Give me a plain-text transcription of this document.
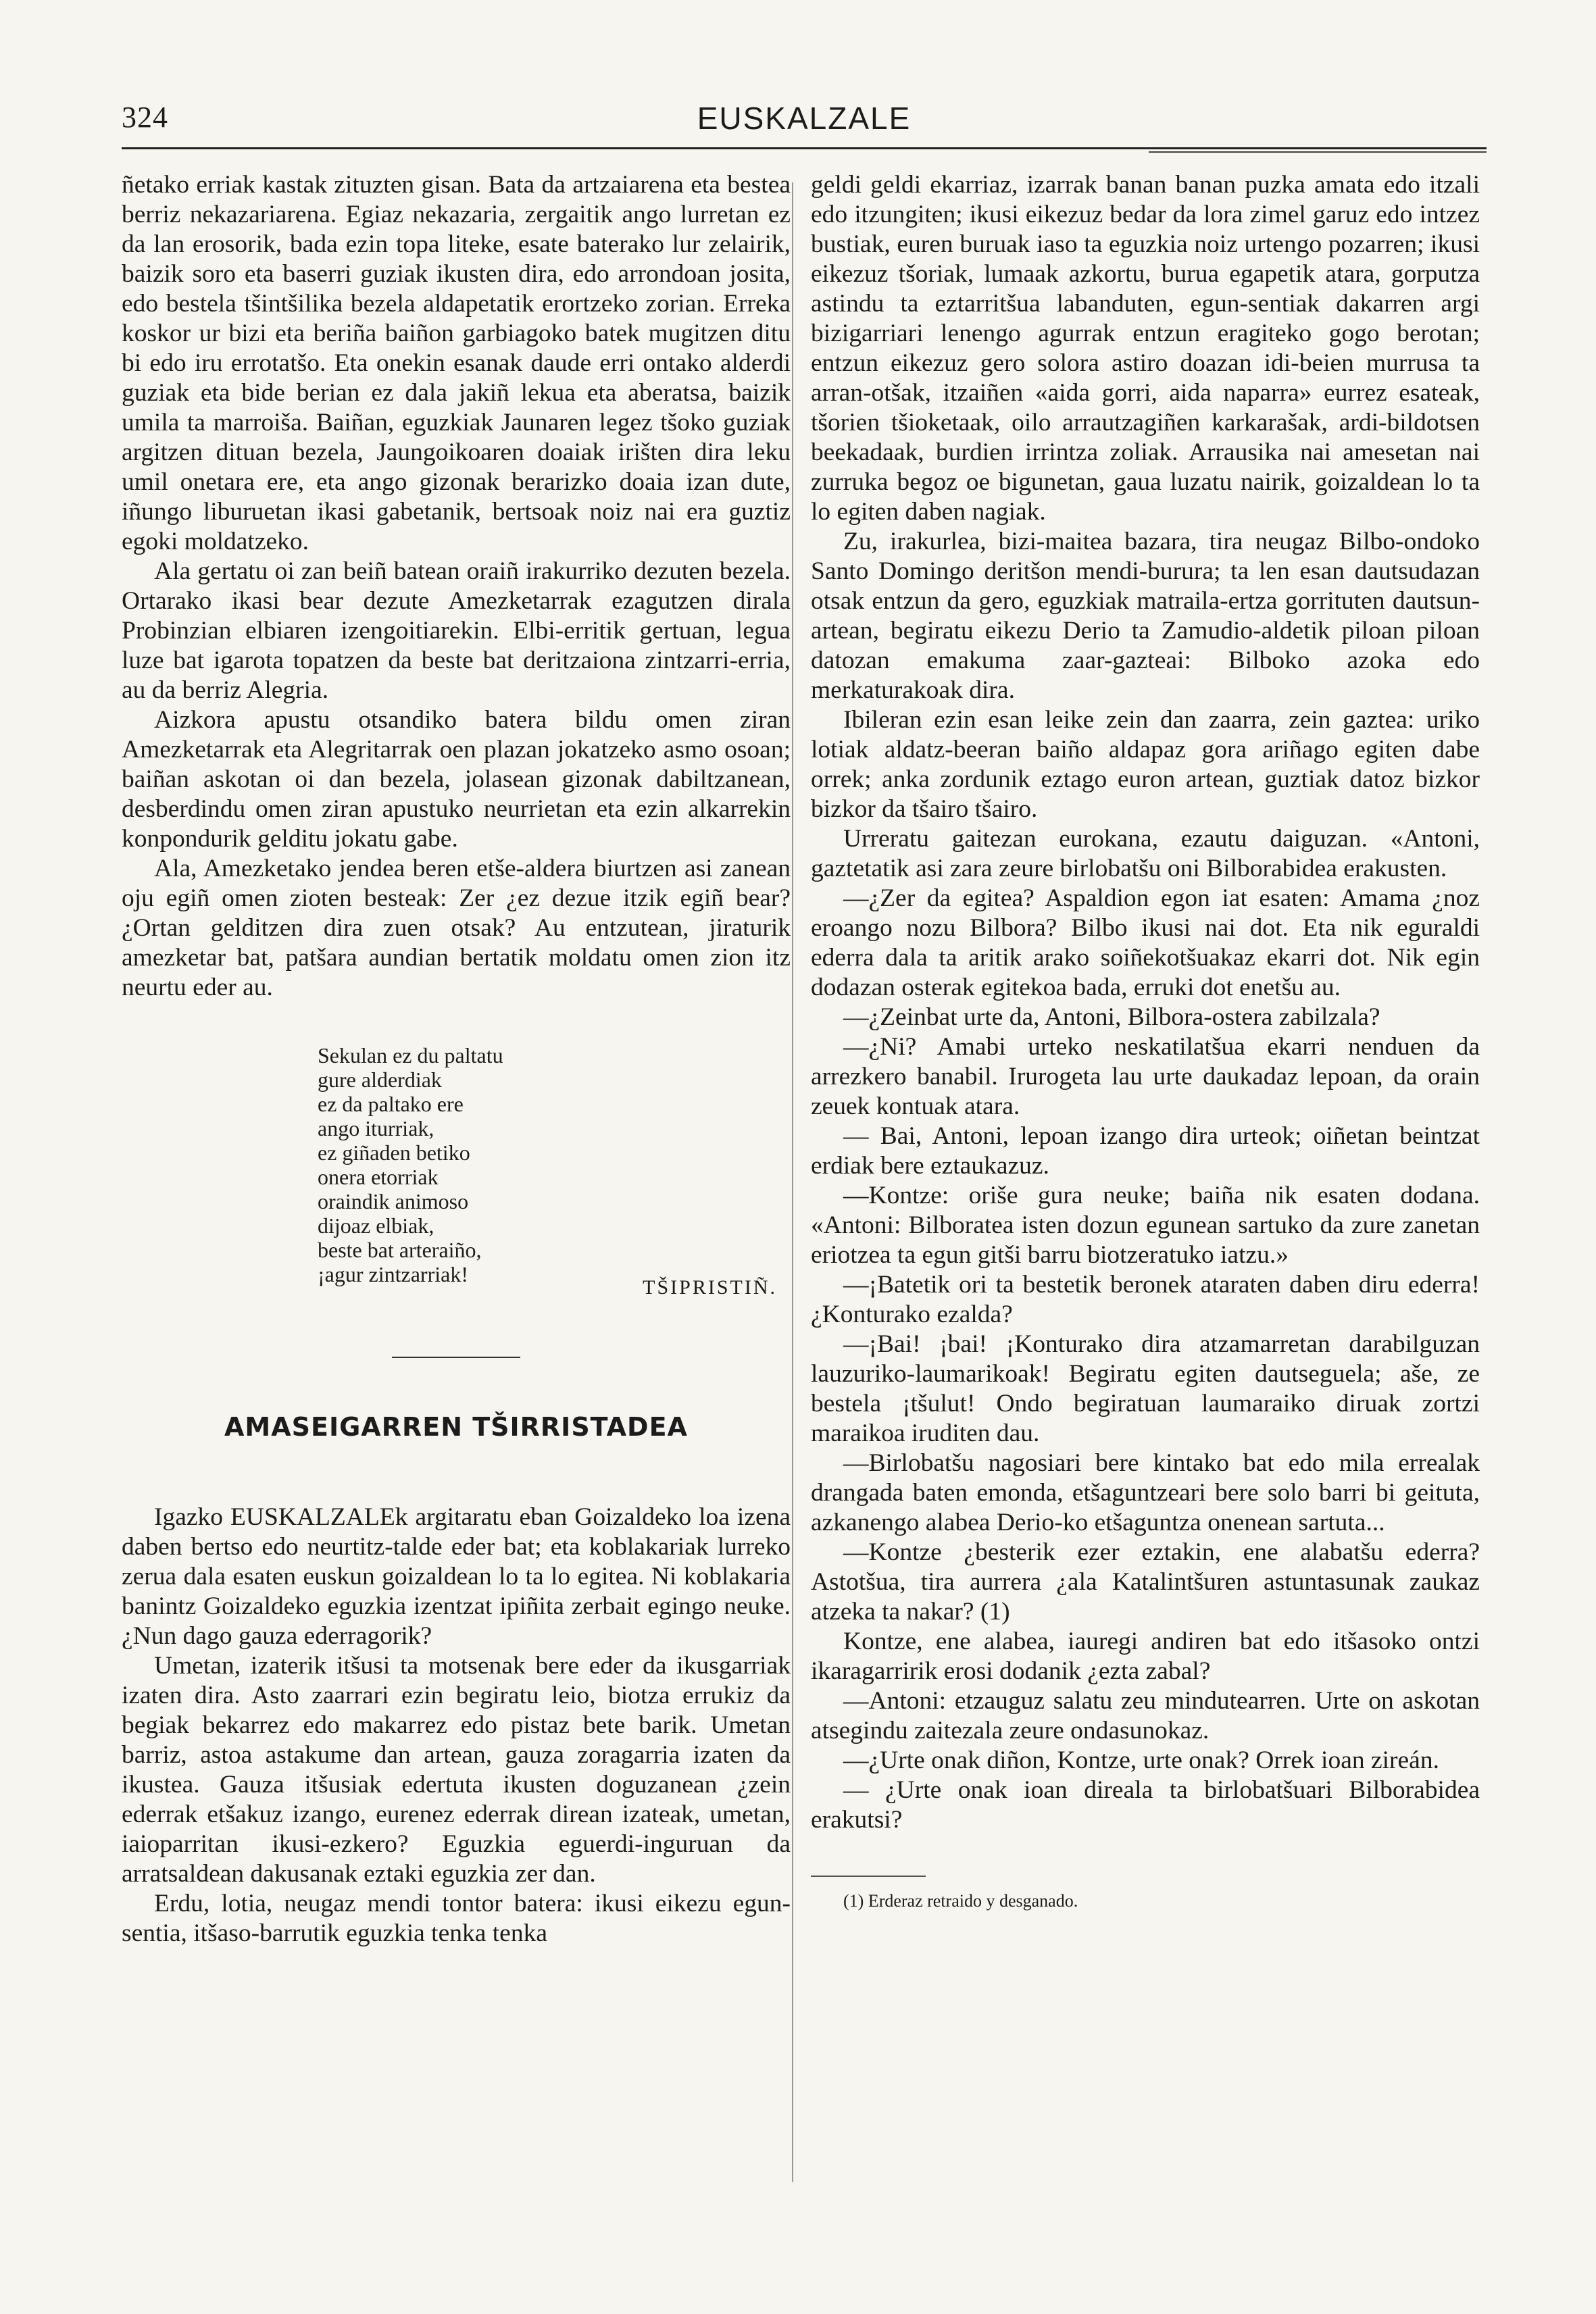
324	EUSKALZALE

ñetako erriak kastak zituzten gisan. Bata da artzaiarena eta bestea berriz nekazariarena. Egiaz nekazaria, zergaitik ango lurretan ez da lan erosorik, bada ezin topa liteke, esate baterako lur zelairik, baizik soro eta baserri guziak ikusten dira, edo arrondoan josita, edo bestela tšintšilika bezela aldapetatik erortzeko zorian. Erreka koskor ur bizi eta beriña baiñon garbiagoko batek mugitzen ditu bi edo iru errotatšo. Eta onekin esanak daude erri ontako alderdi guziak eta bide berian ez dala jakiñ lekua eta aberatsa, baizik umila ta marroiša. Baiñan, eguzkiak Jaunaren legez tšoko guziak argitzen dituan bezela, Jaungoikoaren doaiak irišten dira leku umil onetara ere, eta ango gizonak berarizko doaia izan dute, iñungo liburuetan ikasi gabetanik, bertsoak noiz nai era guztiz egoki moldatzeko.

Ala gertatu oi zan beiñ batean oraiñ irakurriko dezuten bezela. Ortarako ikasi bear dezute Amezketarrak ezagutzen dirala Probinzian elbiaren izengoitiarekin. Elbi-erritik gertuan, legua luze bat igarota topatzen da beste bat deritzaiona zintzarri-erria, au da berriz Alegria.

Aizkora apustu otsandiko batera bildu omen ziran Amezketarrak eta Alegritarrak oen plazan jokatzeko asmo osoan; baiñan askotan oi dan bezela, jolasean gizonak dabiltzanean, desberdindu omen ziran apustuko neurrietan eta ezin alkarrekin konpondurik gelditu jokatu gabe.

Ala, Amezketako jendea beren etše-aldera biurtzen asi zanean oju egiñ omen zioten besteak: Zer ¿ez dezue itzik egiñ bear? ¿Ortan gelditzen dira zuen otsak? Au entzutean, jiraturik amezketar bat, patšara aundian bertatik moldatu omen zion itz neurtu eder au.

Sekulan ez du paltatu
gure alderdiak
ez da paltako ere
ango iturriak,
ez giñaden betiko
onera etorriak
oraindik animoso
dijoaz elbiak,
beste bat arteraiño,
¡agur zintzarriak!
TŠIPRISTIÑ.
AMASEIGARREN TŠIRRISTADEA

Igazko EUSKALZALEk argitaratu eban Goizaldeko loa izena daben bertso edo neurtitz-talde eder bat; eta koblakariak lurreko zerua dala esaten euskun goizaldean lo ta lo egitea. Ni koblakaria banintz Goizaldeko eguzkia izentzat ipiñita zerbait egingo neuke. ¿Nun dago gauza ederragorik?

Umetan, izaterik itšusi ta motsenak bere eder da ikusgarriak izaten dira. Asto zaarrari ezin begiratu leio, biotza errukiz da begiak bekarrez edo makarrez edo pistaz bete barik. Umetan barriz, astoa astakume dan artean, gauza zoragarria izaten da ikustea. Gauza itšusiak edertuta ikusten doguzanean ¿zein ederrak etšakuz izango, eurenez ederrak direan izateak, umetan, iaioparritan ikusi-ezkero? Eguzkia eguerdi-inguruan da arratsaldean dakusanak eztaki eguzkia zer dan.

Erdu, lotia, neugaz mendi tontor batera: ikusi eikezu egun-sentia, itšaso-barrutik eguzkia tenka tenka

geldi geldi ekarriaz, izarrak banan banan puzka amata edo itzali edo itzungiten; ikusi eikezuz bedar da lora zimel garuz edo intzez bustiak, euren buruak iaso ta eguzkia noiz urtengo pozarren; ikusi eikezuz tšoriak, lumaak azkortu, burua egapetik atara, gorputza astindu ta eztarritšua labanduten, egun-sentiak dakarren argi bizigarriari lenengo agurrak entzun eragiteko gogo berotan; entzun eikezuz gero solora astiro doazan idi-beien murrusa ta arran-otšak, itzaiñen «aida gorri, aida naparra» eurrez esateak, tšorien tšioketaak, oilo arrautzagiñen karkarašak, ardi-bildotsen beekadaak, burdien irrintza zoliak. Arrausika nai amesetan nai zurruka begoz oe bigunetan, gaua luzatu nairik, goizaldean lo ta lo egiten daben nagiak.

Zu, irakurlea, bizi-maitea bazara, tira neugaz Bilbo-ondoko Santo Domingo deritšon mendi-burura; ta len esan dautsudazan otsak entzun da gero, eguzkiak matraila-ertza gorrituten dautsun-artean, begiratu eikezu Derio ta Zamudio-aldetik piloan piloan datozan emakuma zaar-gazteai: Bilboko azoka edo merkaturakoak dira.

Ibileran ezin esan leike zein dan zaarra, zein gaztea: uriko lotiak aldatz-beeran baiño aldapaz gora ariñago egiten dabe orrek; anka zordunik eztago euron artean, guztiak datoz bizkor bizkor da tšairo tšairo.

Urreratu gaitezan eurokana, ezautu daiguzan. «Antoni, gaztetatik asi zara zeure birlobatšu oni Bilborabidea erakusten.

—¿Zer da egitea? Aspaldion egon iat esaten: Amama ¿noz eroango nozu Bilbora? Bilbo ikusi nai dot. Eta nik eguraldi ederra dala ta aritik arako soiñekotšuakaz ekarri dot. Nik egin dodazan osterak egitekoa bada, erruki dot enetšu au.

—¿Zeinbat urte da, Antoni, Bilbora-ostera zabilzala?

—¿Ni? Amabi urteko neskatilatšua ekarri nenduen da arrezkero banabil. Irurogeta lau urte daukadaz lepoan, da orain zeuek kontuak atara.

— Bai, Antoni, lepoan izango dira urteok; oiñetan beintzat erdiak bere eztaukazuz.

—Kontze: oriše gura neuke; baiña nik esaten dodana. «Antoni: Bilboratea isten dozun egunean sartuko da zure zanetan eriotzea ta egun gitši barru biotzeratuko iatzu.»

—¡Batetik ori ta bestetik beronek ataraten daben diru ederra! ¿Konturako ezalda?

—¡Bai! ¡bai! ¡Konturako dira atzamarretan darabilguzan lauzuriko-laumarikoak! Begiratu egiten dautseguela; aše, ze bestela ¡tšulut! Ondo begiratuan laumaraiko diruak zortzi maraikoa iruditen dau.

—Birlobatšu nagosiari bere kintako bat edo mila errealak drangada baten emonda, etšaguntzeari bere solo barri bi geituta, azkanengo alabea Derio-ko etšaguntza onenean sartuta...

—Kontze ¿besterik ezer eztakin, ene alabatšu ederra? Astotšua, tira aurrera ¿ala Katalintšuren astuntasunak zaukaz atzeka ta nakar? (1)

Kontze, ene alabea, iauregi andiren bat edo itšasoko ontzi ikaragarririk erosi dodanik ¿ezta zabal?

—Antoni: etzauguz salatu zeu mindutearren. Urte on askotan atsegindu zaitezala zeure ondasunokaz.

—¿Urte onak diñon, Kontze, urte onak? Orrek ioan zireán.

— ¿Urte onak ioan direala ta birlobatšuari Bilborabidea erakutsi?

(1) Erderaz retraido y desganado.
